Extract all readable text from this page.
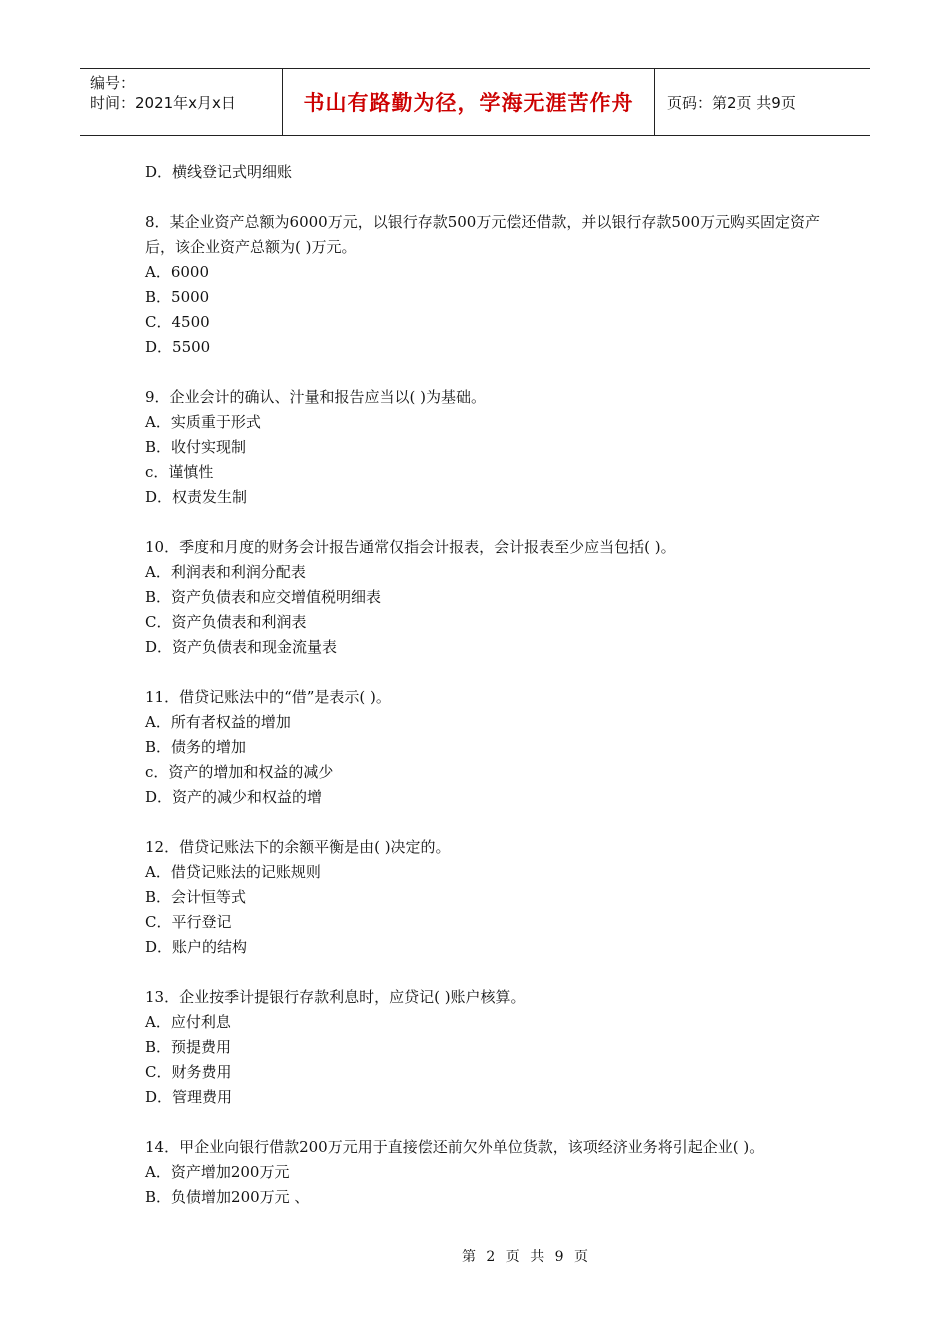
编号：
时间：2021年x月x日	书山有路勤为径，学海无涯苦作舟	页码：第2页 共9页
D．横线登记式明细账
8．某企业资产总额为6000万元，以银行存款500万元偿还借款，并以银行存款500万元购买固定资产后，该企业资产总额为( )万元。
A．6000
B．5000
C．4500
D．5500
9．企业会计的确认、汁量和报告应当以( )为基础。
A．实质重于形式
B．收付实现制
c．谨慎性
D．权责发生制
10．季度和月度的财务会计报告通常仅指会计报表，会计报表至少应当包括( )。
A．利润表和利润分配表
B．资产负债表和应交增值税明细表
C．资产负债表和利润表
D．资产负债表和现金流量表
11．借贷记账法中的“借”是表示( )。
A．所有者权益的增加
B．债务的增加
c．资产的增加和权益的减少
D．资产的减少和权益的增
12．借贷记账法下的余额平衡是由( )决定的。
A．借贷记账法的记账规则
B．会计恒等式
C．平行登记
D．账户的结构
13．企业按季计提银行存款利息时，应贷记( )账户核算。
A．应付利息
B．预提费用
C．财务费用
D．管理费用
14．甲企业向银行借款200万元用于直接偿还前欠外单位货款，该项经济业务将引起企业( )。
A．资产增加200万元
B．负债增加200万元 、
第 2 页 共 9 页
